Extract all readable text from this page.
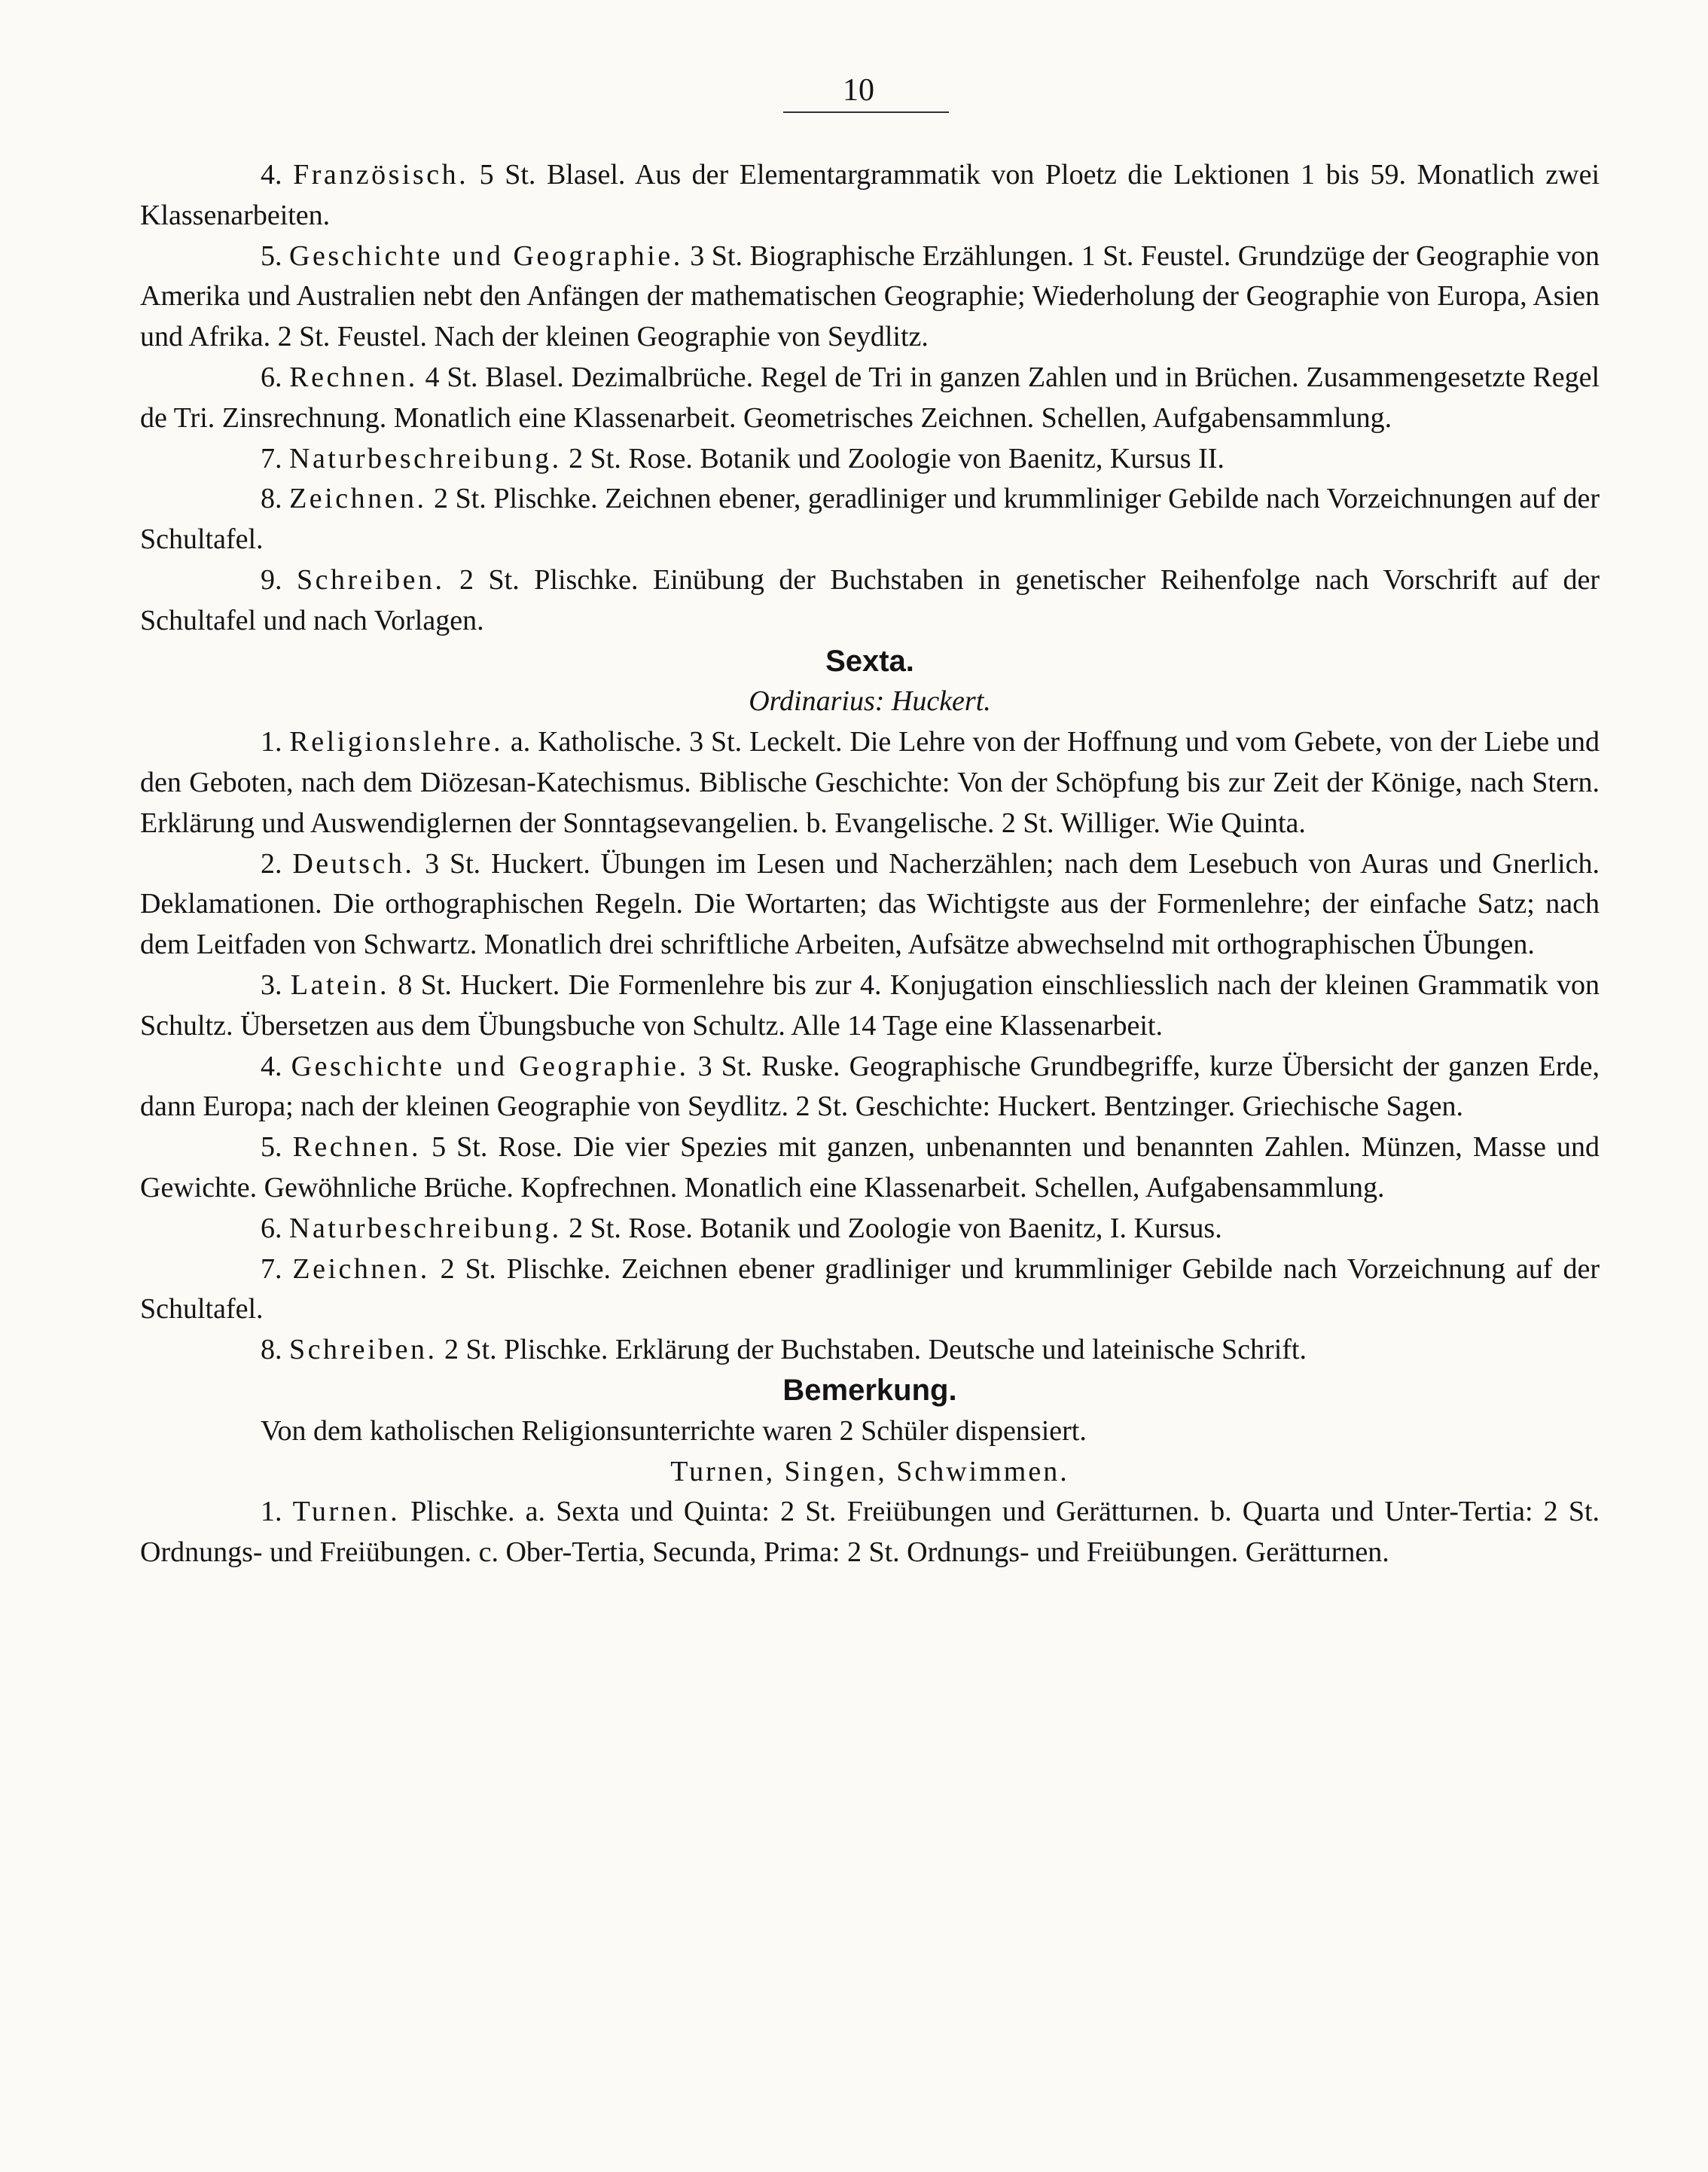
10

4. Französisch. 5 St. Blasel. Aus der Elementargrammatik von Ploetz die Lektionen 1 bis 59. Monatlich zwei Klassenarbeiten.

5. Geschichte und Geographie. 3 St. Biographische Erzählungen. 1 St. Feustel. Grundzüge der Geographie von Amerika und Australien nebt den Anfängen der mathematischen Geographie; Wiederholung der Geographie von Europa, Asien und Afrika. 2 St. Feustel. Nach der kleinen Geographie von Seydlitz.

6. Rechnen. 4 St. Blasel. Dezimalbrüche. Regel de Tri in ganzen Zahlen und in Brüchen. Zusammengesetzte Regel de Tri. Zinsrechnung. Monatlich eine Klassenarbeit. Geometrisches Zeichnen. Schellen, Aufgabensammlung.

7. Naturbeschreibung. 2 St. Rose. Botanik und Zoologie von Baenitz, Kursus II.

8. Zeichnen. 2 St. Plischke. Zeichnen ebener, geradliniger und krummliniger Gebilde nach Vorzeichnungen auf der Schultafel.

9. Schreiben. 2 St. Plischke. Einübung der Buchstaben in genetischer Reihenfolge nach Vorschrift auf der Schultafel und nach Vorlagen.

Sexta.

Ordinarius: Huckert.

1. Religionslehre. a. Katholische. 3 St. Leckelt. Die Lehre von der Hoffnung und vom Gebete, von der Liebe und den Geboten, nach dem Diözesan-Katechismus. Biblische Geschichte: Von der Schöpfung bis zur Zeit der Könige, nach Stern. Erklärung und Auswendiglernen der Sonntagsevangelien. b. Evangelische. 2 St. Williger. Wie Quinta.

2. Deutsch. 3 St. Huckert. Übungen im Lesen und Nacherzählen; nach dem Lesebuch von Auras und Gnerlich. Deklamationen. Die orthographischen Regeln. Die Wortarten; das Wichtigste aus der Formenlehre; der einfache Satz; nach dem Leitfaden von Schwartz. Monatlich drei schriftliche Arbeiten, Aufsätze abwechselnd mit orthographischen Übungen.

3. Latein. 8 St. Huckert. Die Formenlehre bis zur 4. Konjugation einschliesslich nach der kleinen Grammatik von Schultz. Übersetzen aus dem Übungsbuche von Schultz. Alle 14 Tage eine Klassenarbeit.

4. Geschichte und Geographie. 3 St. Ruske. Geographische Grundbegriffe, kurze Übersicht der ganzen Erde, dann Europa; nach der kleinen Geographie von Seydlitz. 2 St. Geschichte: Huckert. Bentzinger. Griechische Sagen.

5. Rechnen. 5 St. Rose. Die vier Spezies mit ganzen, unbenannten und benannten Zahlen. Münzen, Masse und Gewichte. Gewöhnliche Brüche. Kopfrechnen. Monatlich eine Klassenarbeit. Schellen, Aufgabensammlung.

6. Naturbeschreibung. 2 St. Rose. Botanik und Zoologie von Baenitz, I. Kursus.

7. Zeichnen. 2 St. Plischke. Zeichnen ebener gradliniger und krummliniger Gebilde nach Vorzeichnung auf der Schultafel.

8. Schreiben. 2 St. Plischke. Erklärung der Buchstaben. Deutsche und lateinische Schrift.

Bemerkung.

Von dem katholischen Religionsunterrichte waren 2 Schüler dispensiert.

Turnen, Singen, Schwimmen.

1. Turnen. Plischke. a. Sexta und Quinta: 2 St. Freiübungen und Gerätturnen. b. Quarta und Unter-Tertia: 2 St. Ordnungs- und Freiübungen. c. Ober-Tertia, Secunda, Prima: 2 St. Ordnungs- und Freiübungen. Gerätturnen.
